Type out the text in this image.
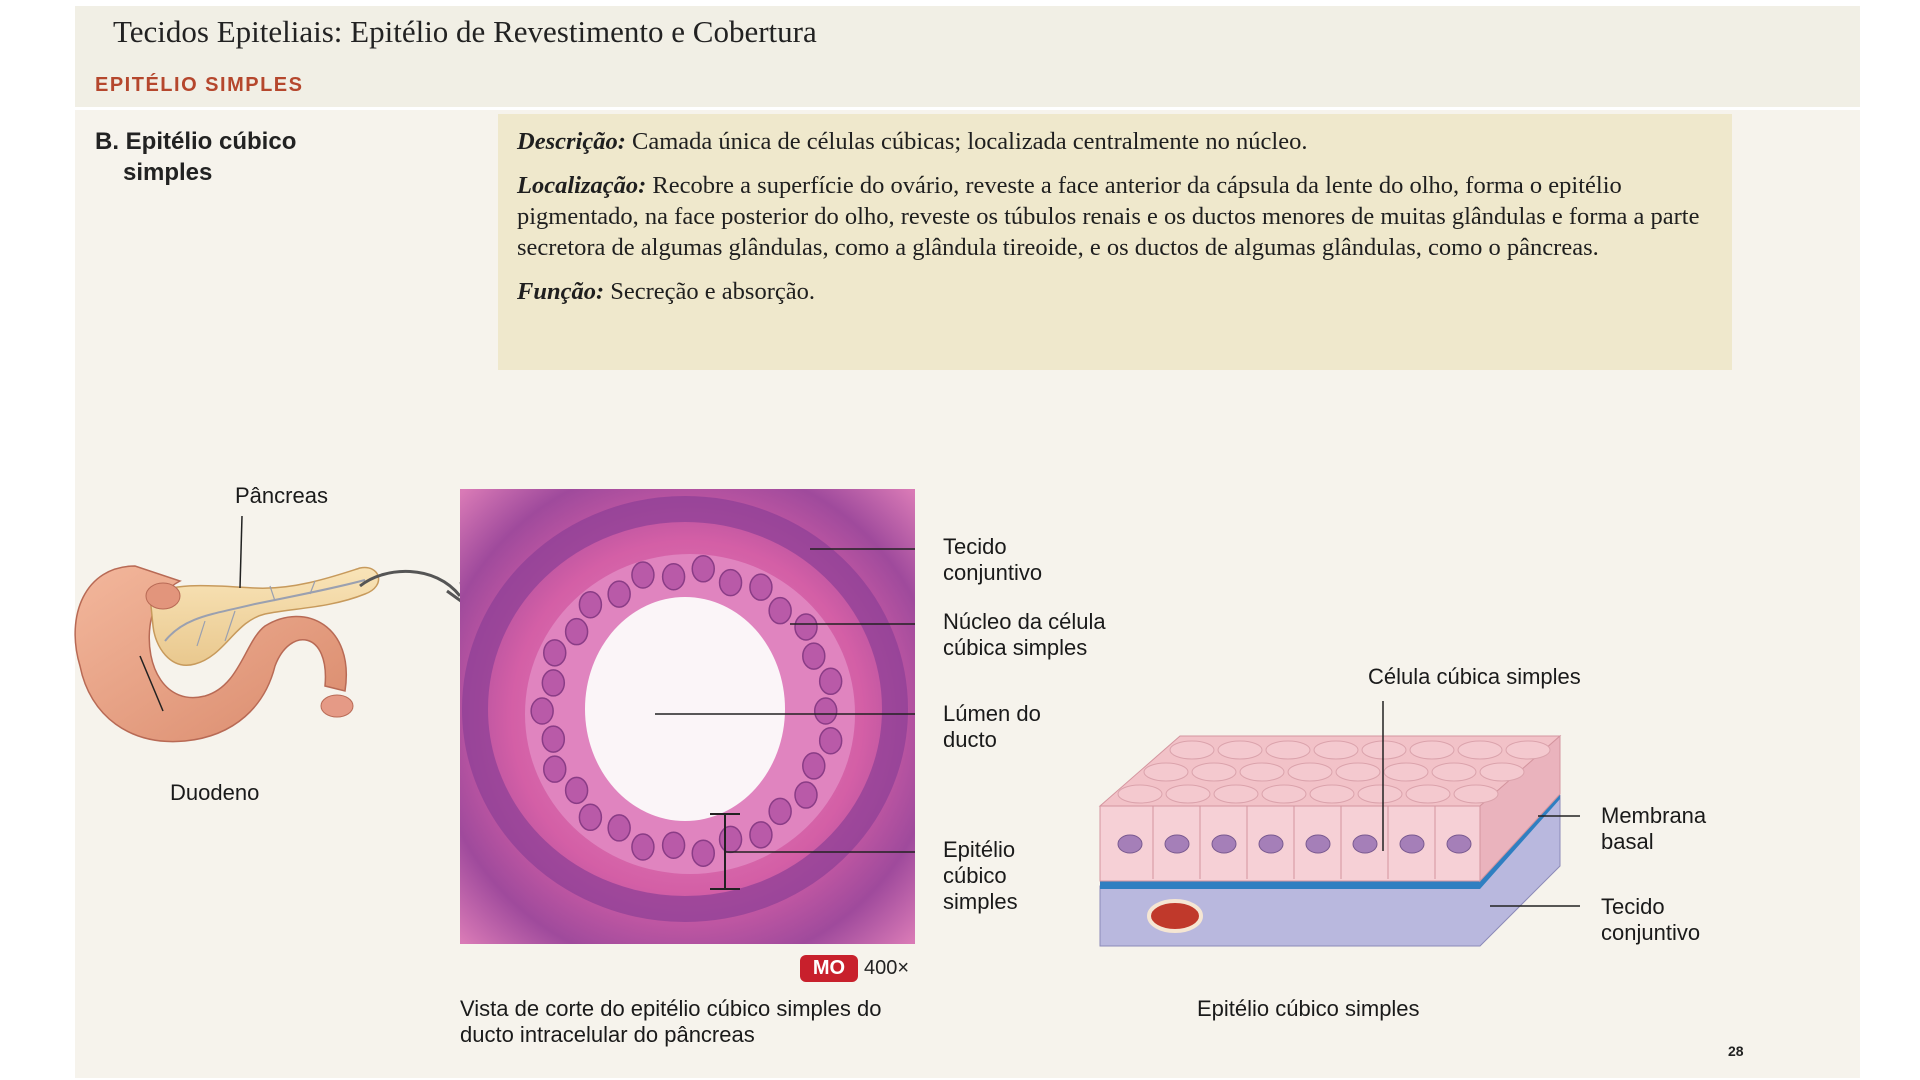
Tecidos Epiteliais: Epitélio de Revestimento e Cobertura
EPITÉLIO SIMPLES
B. Epitélio cúbico
simples

Descrição: Camada única de células cúbicas; localizada centralmente no núcleo.

Localização: Recobre a superfície do ovário, reveste a face anterior da cápsula da lente do olho, forma o epitélio pigmentado, na face posterior do olho, reveste os túbulos renais e os ductos menores de muitas glândulas e forma a parte secretora de algumas glândulas, como a glândula tireoide, e os ductos de algumas glândulas, como o pâncreas.

Função: Secreção e absorção.

Pâncreas
Duodeno
Tecido
conjuntivo
Núcleo da célula
cúbica simples
Lúmen do
ducto
Epitélio
cúbico
simples
MO 400×
Vista de corte do epitélio cúbico simples do
ducto intracelular do pâncreas
Célula cúbica simples
Membrana
basal
Tecido
conjuntivo
Epitélio cúbico simples
28
